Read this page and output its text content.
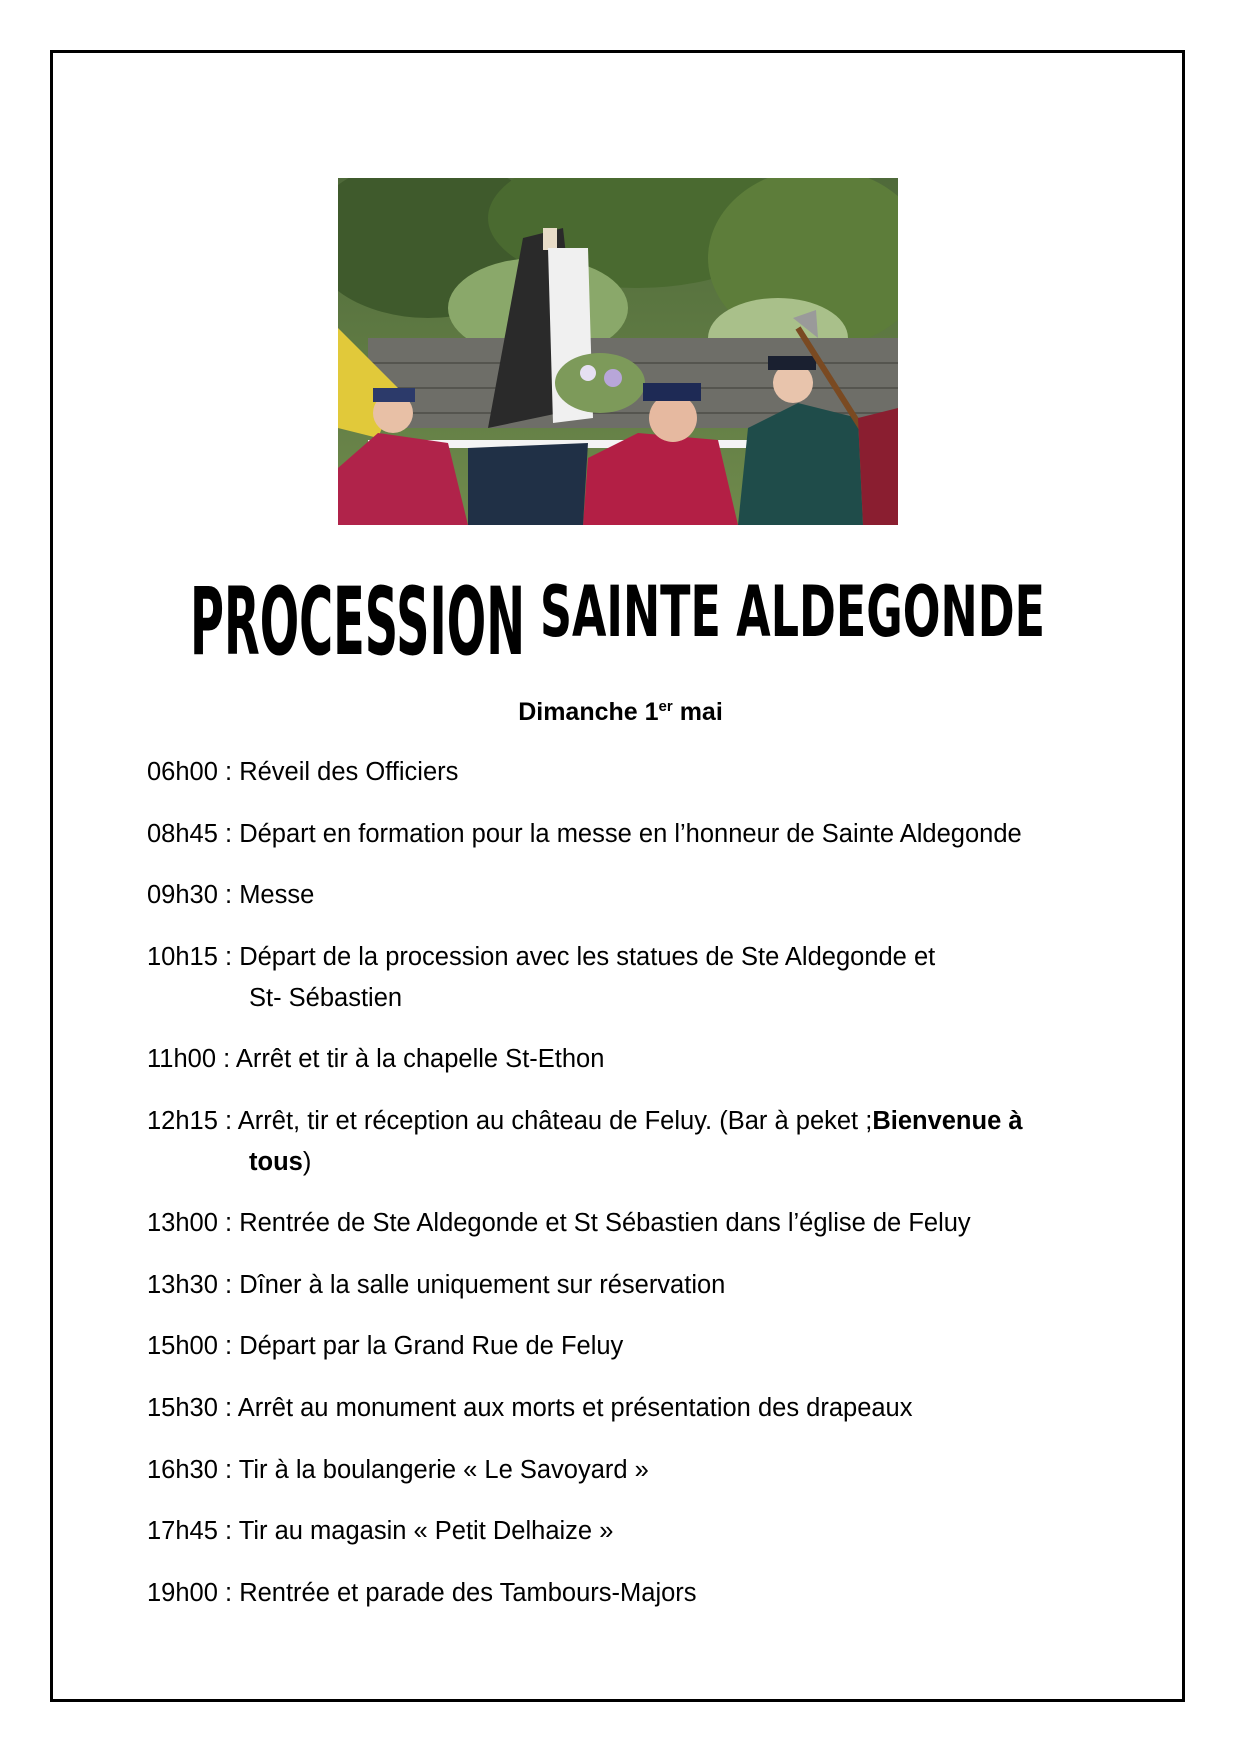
PROCESSION SAINTE ALDEGONDE
Dimanche 1er mai
06h00 : Réveil des Officiers
08h45 : Départ en formation pour la messe en l’honneur de Sainte Aldegonde
09h30 : Messe
10h15 : Départ de la procession avec les statues de Ste Aldegonde et
St- Sébastien
11h00 : Arrêt et tir à la chapelle St-Ethon
12h15 : Arrêt, tir et réception au château de Feluy. (Bar à peket ;Bienvenue à
tous)
13h00 : Rentrée de Ste Aldegonde et St Sébastien dans l’église de Feluy
13h30 : Dîner à la salle uniquement sur réservation
15h00 : Départ par la Grand Rue de Feluy
15h30 : Arrêt au monument aux morts et présentation des drapeaux
16h30 : Tir à la boulangerie « Le Savoyard »
17h45 : Tir au magasin « Petit Delhaize »
19h00 : Rentrée et parade des Tambours-Majors
